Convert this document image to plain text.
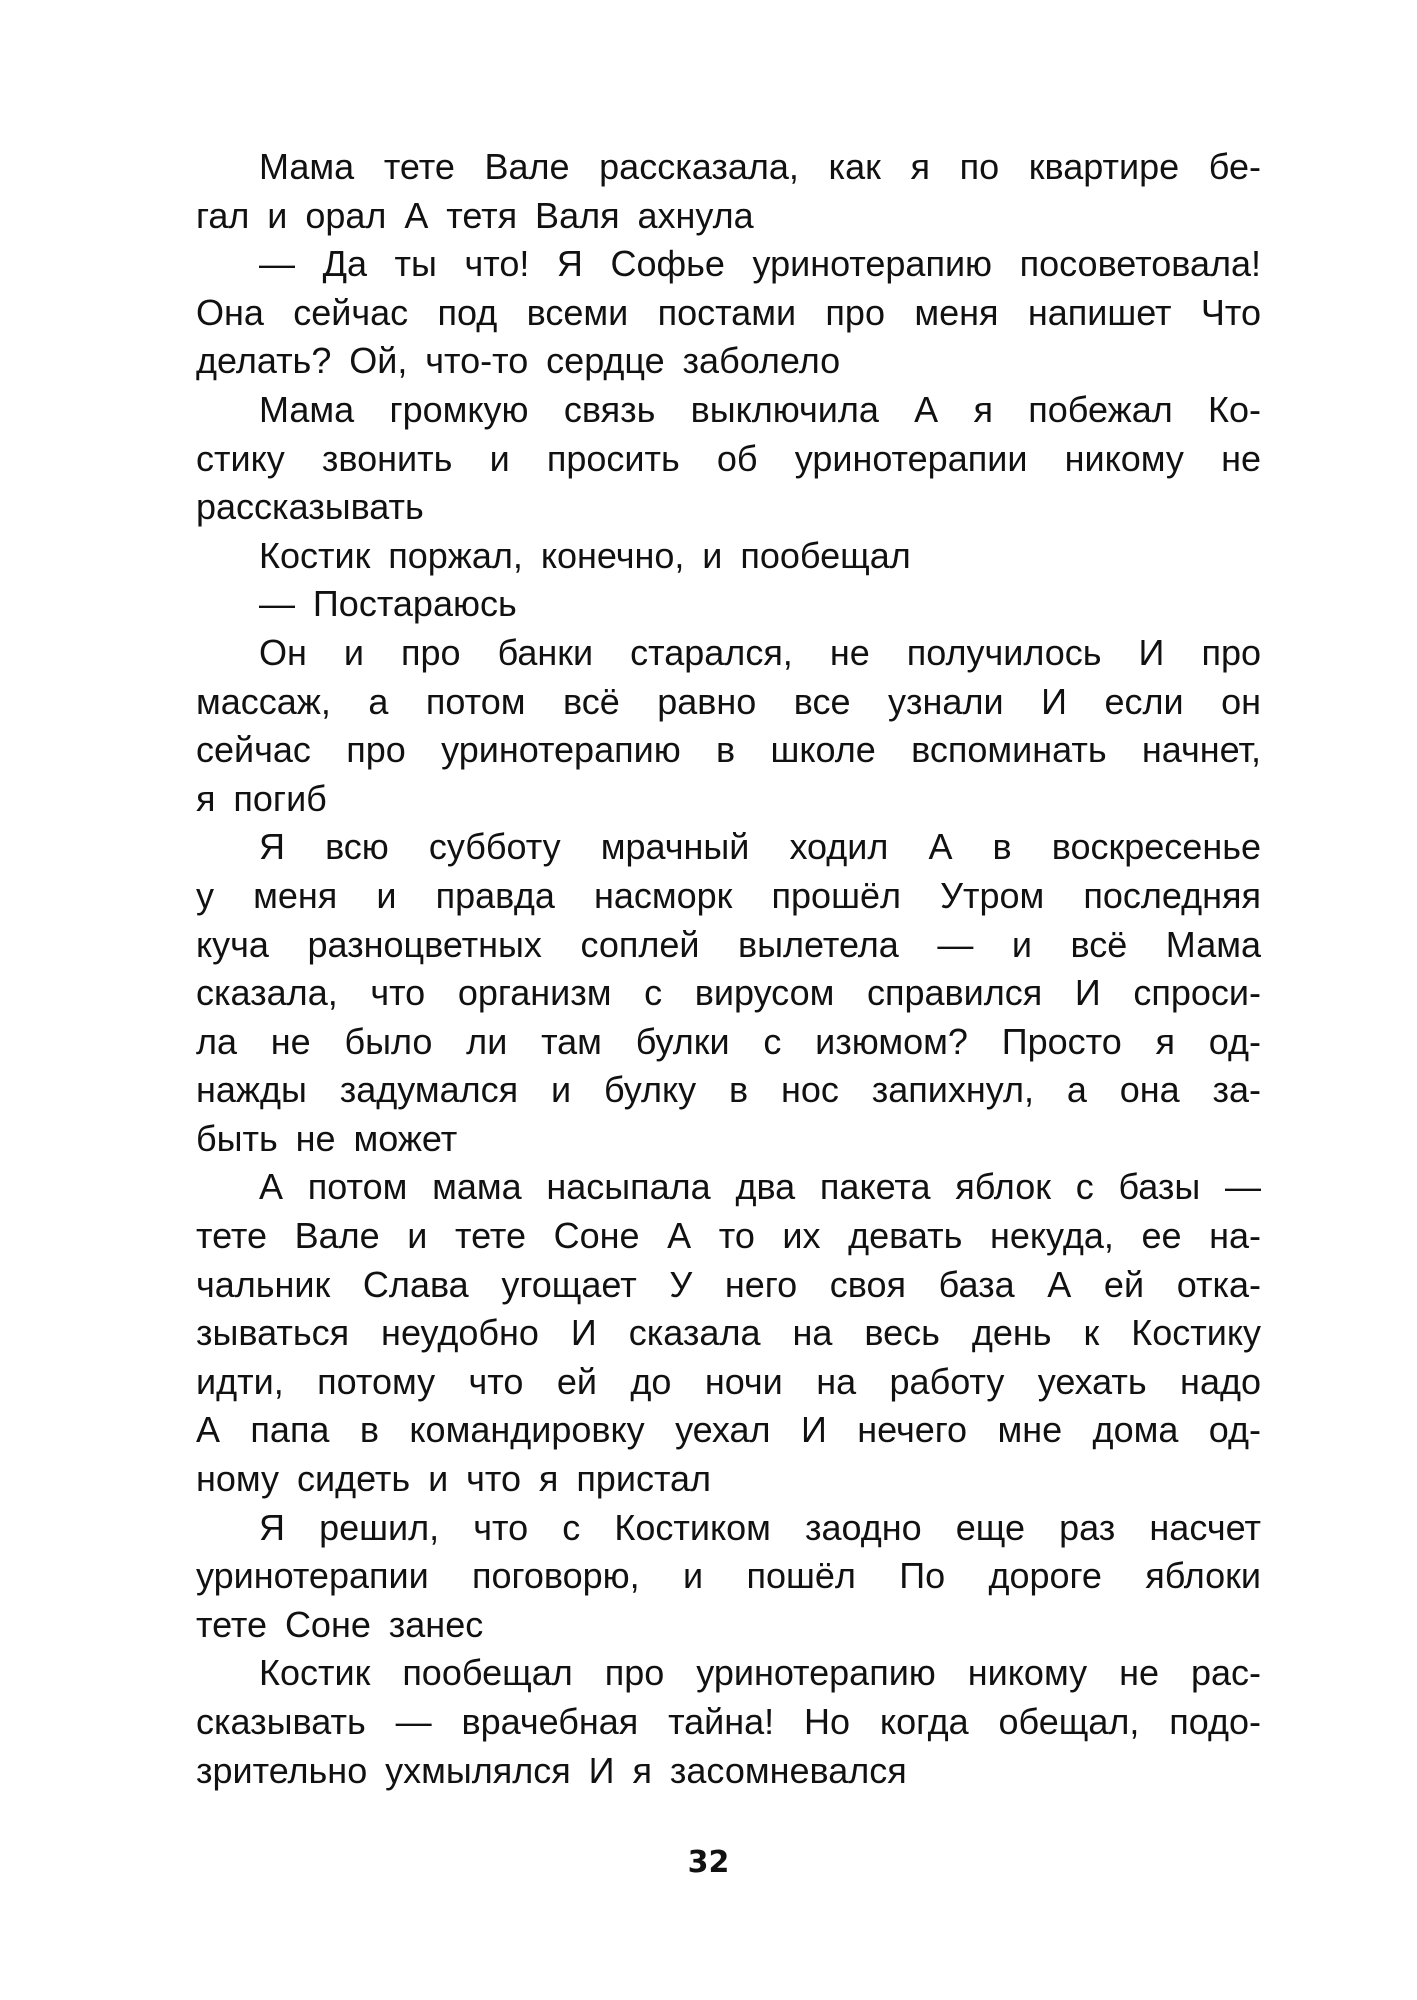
Мама тете Вале рассказала, как я по квартире бе-
гал и орал А тетя Валя ахнула
— Да ты что! Я Софье уринотерапию посоветовала!
Она сейчас под всеми постами про меня напишет Что
делать? Ой, что-то сердце заболело
Мама громкую связь выключила А я побежал Ко-
стику звонить и просить об уринотерапии никому не
рассказывать
Костик поржал, конечно, и пообещал
— Постараюсь
Он и про банки старался, не получилось И про
массаж, а потом всё равно все узнали И если он
сейчас про уринотерапию в школе вспоминать начнет,
я погиб
Я всю субботу мрачный ходил А в воскресенье
у меня и правда насморк прошёл Утром последняя
куча разноцветных соплей вылетела — и всё Мама
сказала, что организм с вирусом справился И спроси-
ла не было ли там булки с изюмом? Просто я од-
нажды задумался и булку в нос запихнул, а она за-
быть не может
А потом мама насыпала два пакета яблок с базы —
тете Вале и тете Соне А то их девать некуда, ее на-
чальник Слава угощает У него своя база А ей отка-
зываться неудобно И сказала на весь день к Костику
идти, потому что ей до ночи на работу уехать надо
А папа в командировку уехал И нечего мне дома од-
ному сидеть и что я пристал
Я решил, что с Костиком заодно еще раз насчет
уринотерапии поговорю, и пошёл По дороге яблоки
тете Соне занес
Костик пообещал про уринотерапию никому не рас-
сказывать — врачебная тайна! Но когда обещал, подо-
зрительно ухмылялся И я засомневался
32
